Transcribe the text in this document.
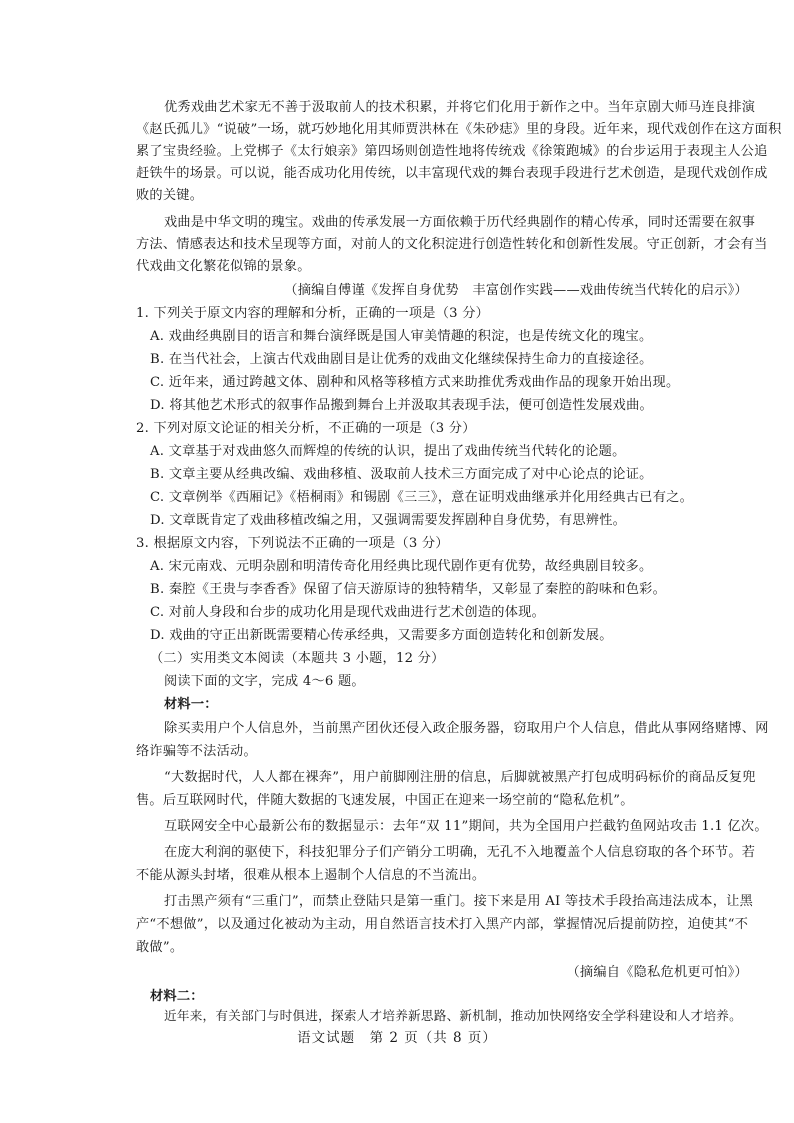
优秀戏曲艺术家无不善于汲取前人的技术积累，并将它们化用于新作之中。当年京剧大师马连良排演
《赵氏孤儿》“说破”一场，就巧妙地化用其师贾洪林在《朱砂痣》里的身段。近年来，现代戏创作在这方面积
累了宝贵经验。上党梆子《太行娘亲》第四场则创造性地将传统戏《徐策跑城》的台步运用于表现主人公追
赶铁牛的场景。可以说，能否成功化用传统，以丰富现代戏的舞台表现手段进行艺术创造，是现代戏创作成
败的关键。
戏曲是中华文明的瑰宝。戏曲的传承发展一方面依赖于历代经典剧作的精心传承，同时还需要在叙事
方法、情感表达和技术呈现等方面，对前人的文化积淀进行创造性转化和创新性发展。守正创新，才会有当
代戏曲文化繁花似锦的景象。
（摘编自傅谨《发挥自身优势　丰富创作实践——戏曲传统当代转化的启示》）
1. 下列关于原文内容的理解和分析，正确的一项是（3 分）
A. 戏曲经典剧目的语言和舞台演绎既是国人审美情趣的积淀，也是传统文化的瑰宝。
B. 在当代社会，上演古代戏曲剧目是让优秀的戏曲文化继续保持生命力的直接途径。
C. 近年来，通过跨越文体、剧种和风格等移植方式来助推优秀戏曲作品的现象开始出现。
D. 将其他艺术形式的叙事作品搬到舞台上并汲取其表现手法，便可创造性发展戏曲。
2. 下列对原文论证的相关分析，不正确的一项是（3 分）
A. 文章基于对戏曲悠久而辉煌的传统的认识，提出了戏曲传统当代转化的论题。
B. 文章主要从经典改编、戏曲移植、汲取前人技术三方面完成了对中心论点的论证。
C. 文章例举《西厢记》《梧桐雨》和锡剧《三三》，意在证明戏曲继承并化用经典古已有之。
D. 文章既肯定了戏曲移植改编之用，又强调需要发挥剧种自身优势，有思辨性。
3. 根据原文内容，下列说法不正确的一项是（3 分）
A. 宋元南戏、元明杂剧和明清传奇化用经典比现代剧作更有优势，故经典剧目较多。
B. 秦腔《王贵与李香香》保留了信天游原诗的独特精华，又彰显了秦腔的韵味和色彩。
C. 对前人身段和台步的成功化用是现代戏曲进行艺术创造的体现。
D. 戏曲的守正出新既需要精心传承经典，又需要多方面创造转化和创新发展。
（二）实用类文本阅读（本题共 3 小题，12 分）
阅读下面的文字，完成 4～6 题。
材料一：
除买卖用户个人信息外，当前黑产团伙还侵入政企服务器，窃取用户个人信息，借此从事网络赌博、网
络诈骗等不法活动。
“大数据时代，人人都在裸奔”，用户前脚刚注册的信息，后脚就被黑产打包成明码标价的商品反复兜
售。后互联网时代，伴随大数据的飞速发展，中国正在迎来一场空前的“隐私危机”。
互联网安全中心最新公布的数据显示：去年“双 11”期间，共为全国用户拦截钓鱼网站攻击 1.1 亿次。
在庞大利润的驱使下，科技犯罪分子们产销分工明确，无孔不入地覆盖个人信息窃取的各个环节。若
不能从源头封堵，很难从根本上遏制个人信息的不当流出。
打击黑产须有“三重门”，而禁止登陆只是第一重门。接下来是用 AI 等技术手段抬高违法成本，让黑
产“不想做”，以及通过化被动为主动，用自然语言技术打入黑产内部，掌握情况后提前防控，迫使其“不
敢做”。
（摘编自《隐私危机更可怕》）
材料二：
近年来，有关部门与时俱进，探索人才培养新思路、新机制，推动加快网络安全学科建设和人才培养。
语文试题　第 2 页（共 8 页）
